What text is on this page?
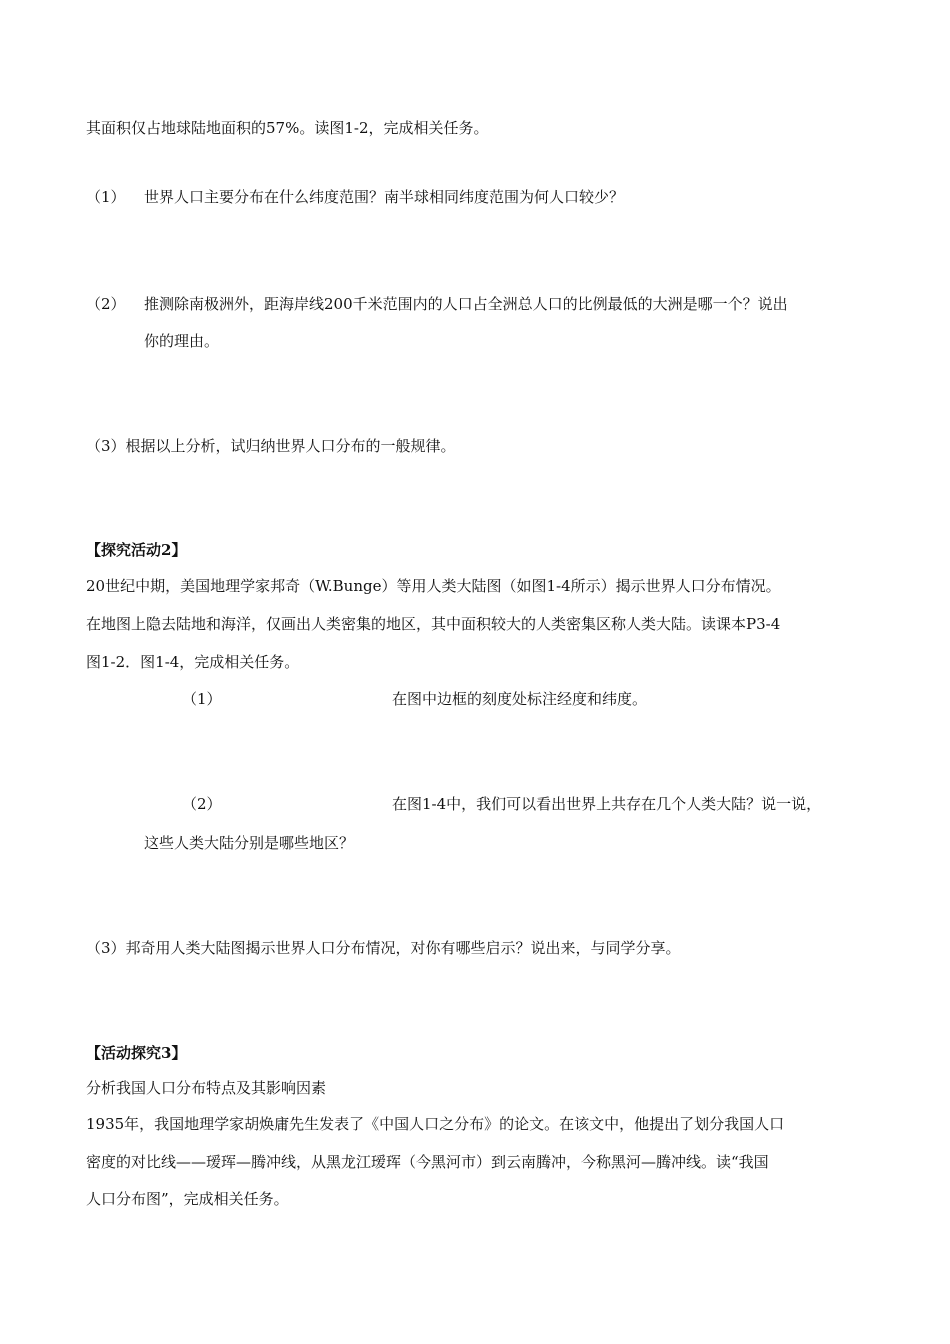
其面积仅占地球陆地面积的57%。读图1-2，完成相关任务。
（1） 世界人口主要分布在什么纬度范围？南半球相同纬度范围为何人口较少？
（2） 推测除南极洲外，距海岸线200千米范围内的人口占全洲总人口的比例最低的大洲是哪一个？说出
你的理由。
（3）根据以上分析，试归纳世界人口分布的一般规律。
【探究活动2】
20世纪中期，美国地理学家邦奇（W.Bunge）等用人类大陆图（如图1-4所示）揭示世界人口分布情况。
在地图上隐去陆地和海洋，仅画出人类密集的地区，其中面积较大的人类密集区称人类大陆。读课本P3-4
图1-2．图1-4，完成相关任务。
（1）	在图中边框的刻度处标注经度和纬度。
（2）	在图1-4中，我们可以看出世界上共存在几个人类大陆？说一说，
这些人类大陆分别是哪些地区？
（3）邦奇用人类大陆图揭示世界人口分布情况，对你有哪些启示？说出来，与同学分享。
【活动探究3】
分析我国人口分布特点及其影响因素
1935年，我国地理学家胡焕庸先生发表了《中国人口之分布》的论文。在该文中，他提出了划分我国人口
密度的对比线——瑷珲—腾冲线，从黑龙江瑷珲（今黑河市）到云南腾冲，今称黑河—腾冲线。读“我国
人口分布图”，完成相关任务。
